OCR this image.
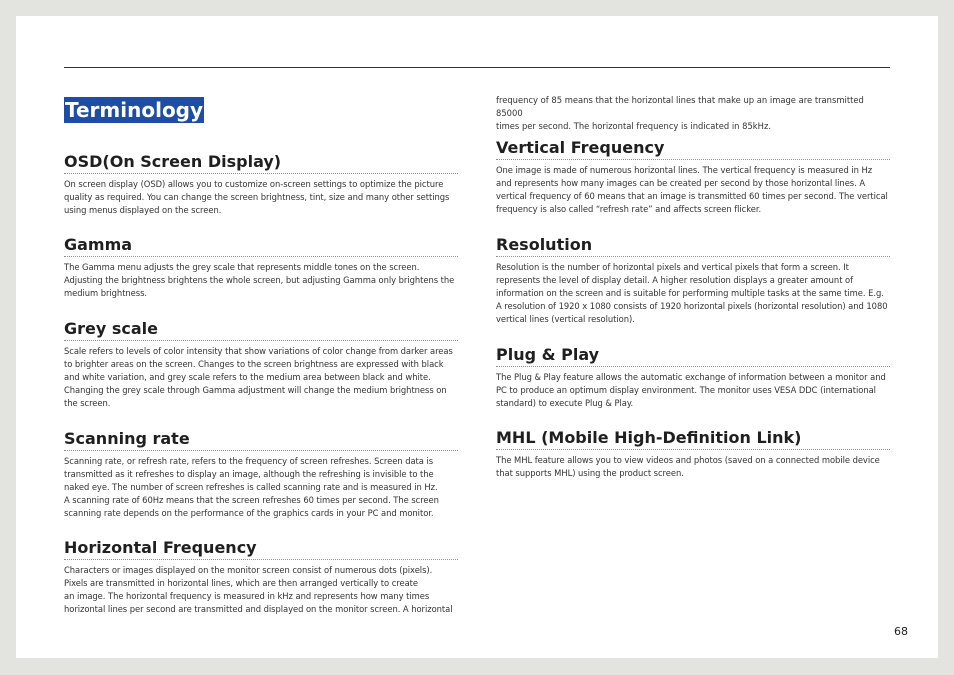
Terminology
OSD(On Screen Display)

On screen display (OSD) allows you to customize on-screen settings to optimize the picture
quality as required. You can change the screen brightness, tint, size and many other settings
using menus displayed on the screen.

Gamma

The Gamma menu adjusts the grey scale that represents middle tones on the screen.
Adjusting the brightness brightens the whole screen, but adjusting Gamma only brightens the
medium brightness.

Grey scale

Scale refers to levels of color intensity that show variations of color change from darker areas
to brighter areas on the screen. Changes to the screen brightness are expressed with black
and white variation, and grey scale refers to the medium area between black and white.
Changing the grey scale through Gamma adjustment will change the medium brightness on
the screen.

Scanning rate

Scanning rate, or refresh rate, refers to the frequency of screen refreshes. Screen data is
transmitted as it refreshes to display an image, although the refreshing is invisible to the
naked eye. The number of screen refreshes is called scanning rate and is measured in Hz.
A scanning rate of 60Hz means that the screen refreshes 60 times per second. The screen
scanning rate depends on the performance of the graphics cards in your PC and monitor.

Horizontal Frequency

Characters or images displayed on the monitor screen consist of numerous dots (pixels).
Pixels are transmitted in horizontal lines, which are then arranged vertically to create
an image. The horizontal frequency is measured in kHz and represents how many times
horizontal lines per second are transmitted and displayed on the monitor screen. A horizontal

frequency of 85 means that the horizontal lines that make up an image are transmitted 85000
times per second. The horizontal frequency is indicated in 85kHz.

Vertical Frequency

One image is made of numerous horizontal lines. The vertical frequency is measured in Hz
and represents how many images can be created per second by those horizontal lines. A
vertical frequency of 60 means that an image is transmitted 60 times per second. The vertical
frequency is also called “refresh rate” and affects screen flicker.

Resolution

Resolution is the number of horizontal pixels and vertical pixels that form a screen. It
represents the level of display detail. A higher resolution displays a greater amount of
information on the screen and is suitable for performing multiple tasks at the same time. E.g.
A resolution of 1920 x 1080 consists of 1920 horizontal pixels (horizontal resolution) and 1080
vertical lines (vertical resolution).

Plug & Play

The Plug & Play feature allows the automatic exchange of information between a monitor and
PC to produce an optimum display environment. The monitor uses VESA DDC (international
standard) to execute Plug & Play.

MHL (Mobile High-Definition Link)

The MHL feature allows you to view videos and photos (saved on a connected mobile device
that supports MHL) using the product screen.

68
